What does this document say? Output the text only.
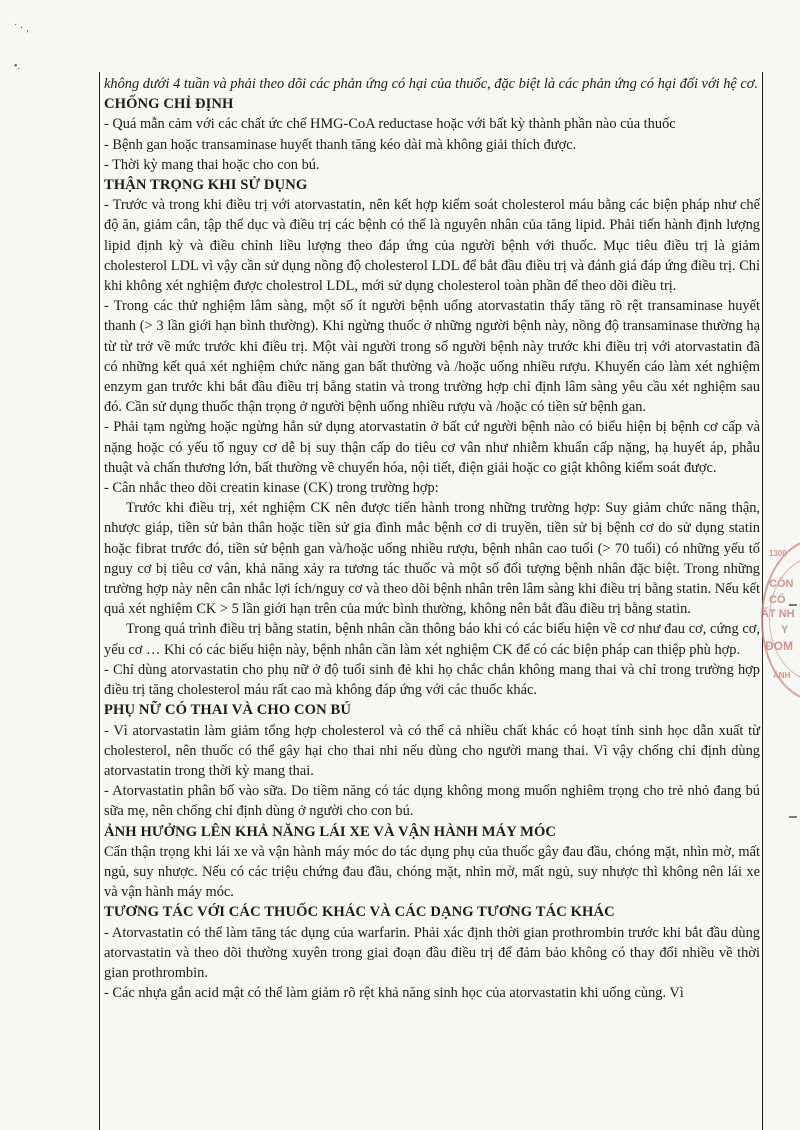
˙ · ‚
•.

không dưới 4 tuần và phải theo dõi các phản ứng có hại của thuốc, đặc biệt là các phản ứng có hại đối với hệ cơ.

CHỐNG CHỈ ĐỊNH

- Quá mẫn cảm với các chất ức chế HMG-CoA reductase hoặc với bất kỳ thành phần nào của thuốc

- Bệnh gan hoặc transaminase huyết thanh tăng kéo dài mà không giải thích được.

- Thời kỳ mang thai hoặc cho con bú.

THẬN TRỌNG KHI SỬ DỤNG

- Trước và trong khi điều trị với atorvastatin, nên kết hợp kiểm soát cholesterol máu bằng các biện pháp như chế độ ăn, giảm cân, tập thể dục và điều trị các bệnh có thể là nguyên nhân của tăng lipid. Phải tiến hành định lượng lipid định kỳ và điều chỉnh liều lượng theo đáp ứng của người bệnh với thuốc. Mục tiêu điều trị là giảm cholesterol LDL vì vậy cần sử dụng nồng độ cholesterol LDL để bắt đầu điều trị và đánh giá đáp ứng điều trị. Chỉ khi không xét nghiệm được cholestrol LDL, mới sử dụng cholesterol toàn phần để theo dõi điều trị.

- Trong các thử nghiệm lâm sàng, một số ít người bệnh uống atorvastatin thấy tăng rõ rệt transaminase huyết thanh (> 3 lần giới hạn bình thường). Khi ngừng thuốc ở những người bệnh này, nồng độ transaminase thường hạ từ từ trở về mức trước khi điều trị. Một vài người trong số người bệnh này trước khi điều trị với atorvastatin đã có những kết quả xét nghiệm chức năng gan bất thường và /hoặc uống nhiều rượu. Khuyến cáo làm xét nghiệm enzym gan trước khi bắt đầu điều trị bằng statin và trong trường hợp chỉ định lâm sàng yêu cầu xét nghiệm sau đó. Cần sử dụng thuốc thận trọng ở người bệnh uống nhiều rượu và /hoặc có tiền sử bệnh gan.

- Phải tạm ngừng hoặc ngừng hẳn sử dụng atorvastatin ở bất cứ người bệnh nào có biểu hiện bị bệnh cơ cấp và nặng hoặc có yếu tố nguy cơ dễ bị suy thận cấp do tiêu cơ vân như nhiễm khuẩn cấp nặng, hạ huyết áp, phẫu thuật và chấn thương lớn, bất thường về chuyển hóa, nội tiết, điện giải hoặc co giật không kiểm soát được.

- Cân nhắc theo dõi creatin kinase (CK) trong trường hợp:

Trước khi điều trị, xét nghiệm CK nên được tiến hành trong những trường hợp: Suy giảm chức năng thận, nhược giáp, tiền sử bản thân hoặc tiền sử gia đình mắc bệnh cơ di truyền, tiền sử bị bệnh cơ do sử dụng statin hoặc fibrat trước đó, tiền sử bệnh gan và/hoặc uống nhiều rượu, bệnh nhân cao tuổi (> 70 tuổi) có những yếu tố nguy cơ bị tiêu cơ vân, khả năng xảy ra tương tác thuốc và một số đối tượng bệnh nhân đặc biệt. Trong những trường hợp này nên cân nhắc lợi ích/nguy cơ và theo dõi bệnh nhân trên lâm sàng khi điều trị bằng statin. Nếu kết quả xét nghiệm CK > 5 lần giới hạn trên của mức bình thường, không nên bắt đầu điều trị bằng statin.

Trong quá trình điều trị bằng statin, bệnh nhân cần thông báo khi có các biểu hiện về cơ như đau cơ, cứng cơ, yếu cơ … Khi có các biểu hiện này, bệnh nhân cần làm xét nghiệm CK để có các biện pháp can thiệp phù hợp.

- Chỉ dùng atorvastatin cho phụ nữ ở độ tuổi sinh đẻ khi họ chắc chắn không mang thai và chỉ trong trường hợp điều trị tăng cholesterol máu rất cao mà không đáp ứng với các thuốc khác.

PHỤ NỮ CÓ THAI VÀ CHO CON BÚ

- Vì atorvastatin làm giảm tổng hợp cholesterol và có thể cả nhiều chất khác có hoạt tính sinh học dẫn xuất từ cholesterol, nên thuốc có thể gây hại cho thai nhi nếu dùng cho người mang thai. Vì vậy chống chỉ định dùng atorvastatin trong thời kỳ mang thai.

- Atorvastatin phân bố vào sữa. Do tiềm năng có tác dụng không mong muốn nghiêm trọng cho trẻ nhỏ đang bú sữa mẹ, nên chống chỉ định dùng ở người cho con bú.

ẢNH HƯỞNG LÊN KHẢ NĂNG LÁI XE VÀ VẬN HÀNH MÁY MÓC

Cẩn thận trọng khi lái xe và vận hành máy móc do tác dụng phụ của thuốc gây đau đầu, chóng mặt, nhìn mờ, mất ngủ, suy nhược. Nếu có các triệu chứng đau đầu, chóng mặt, nhìn mờ, mất ngủ, suy nhược thì không nên lái xe và vận hành máy móc.

TƯƠNG TÁC VỚI CÁC THUỐC KHÁC VÀ CÁC DẠNG TƯƠNG TÁC KHÁC

- Atorvastatin có thể làm tăng tác dụng của warfarin. Phải xác định thời gian prothrombin trước khi bắt đầu dùng atorvastatin và theo dõi thường xuyên trong giai đoạn đầu điều trị để đảm bảo không có thay đổi nhiều về thời gian prothrombin.

- Các nhựa gắn acid mật có thể làm giảm rõ rệt khả năng sinh học của atorvastatin khi uống cùng. Vì

1300
CÔN
CỔ
ẤT NH
Y
ĐOM
ẢNH
